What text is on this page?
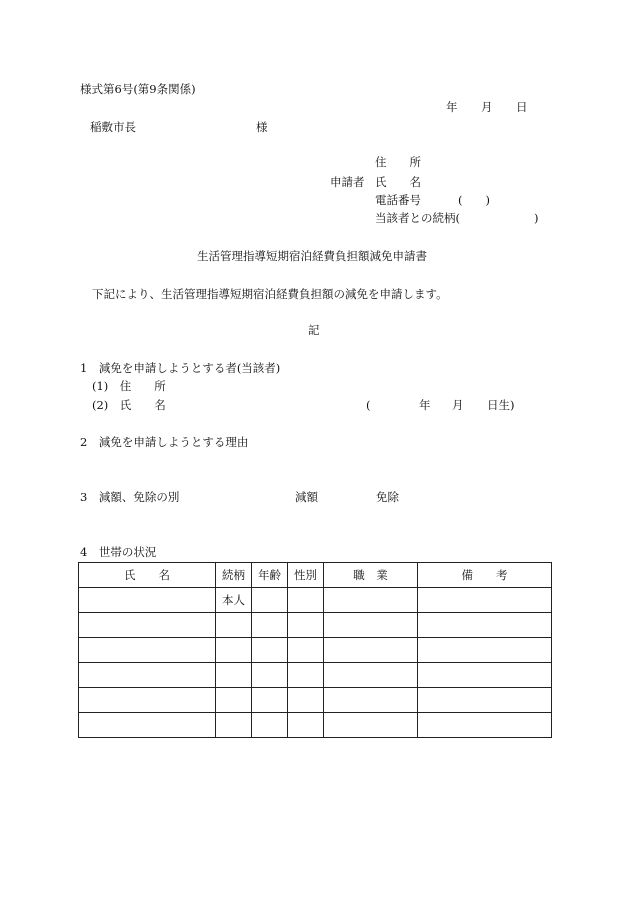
様式第6号(第9条関係)
年 月 日
稲敷市長	様
住　　所
申請者 氏　　名
電話番号	(　　)
当該者との続柄(	)
生活管理指導短期宿泊経費負担額減免申請書
下記により、生活管理指導短期宿泊経費負担額の減免を申請します。
記
1　減免を申請しようとする者(当該者)
(1)　住　　所
(2)　氏　　名	(	年 月 日生)
2　減免を申請しようとする理由
3　減額、免除の別	減額	免除
4　世帯の状況
氏　　名	続柄	年齢	性別	職　業	備　　考
	本人				
